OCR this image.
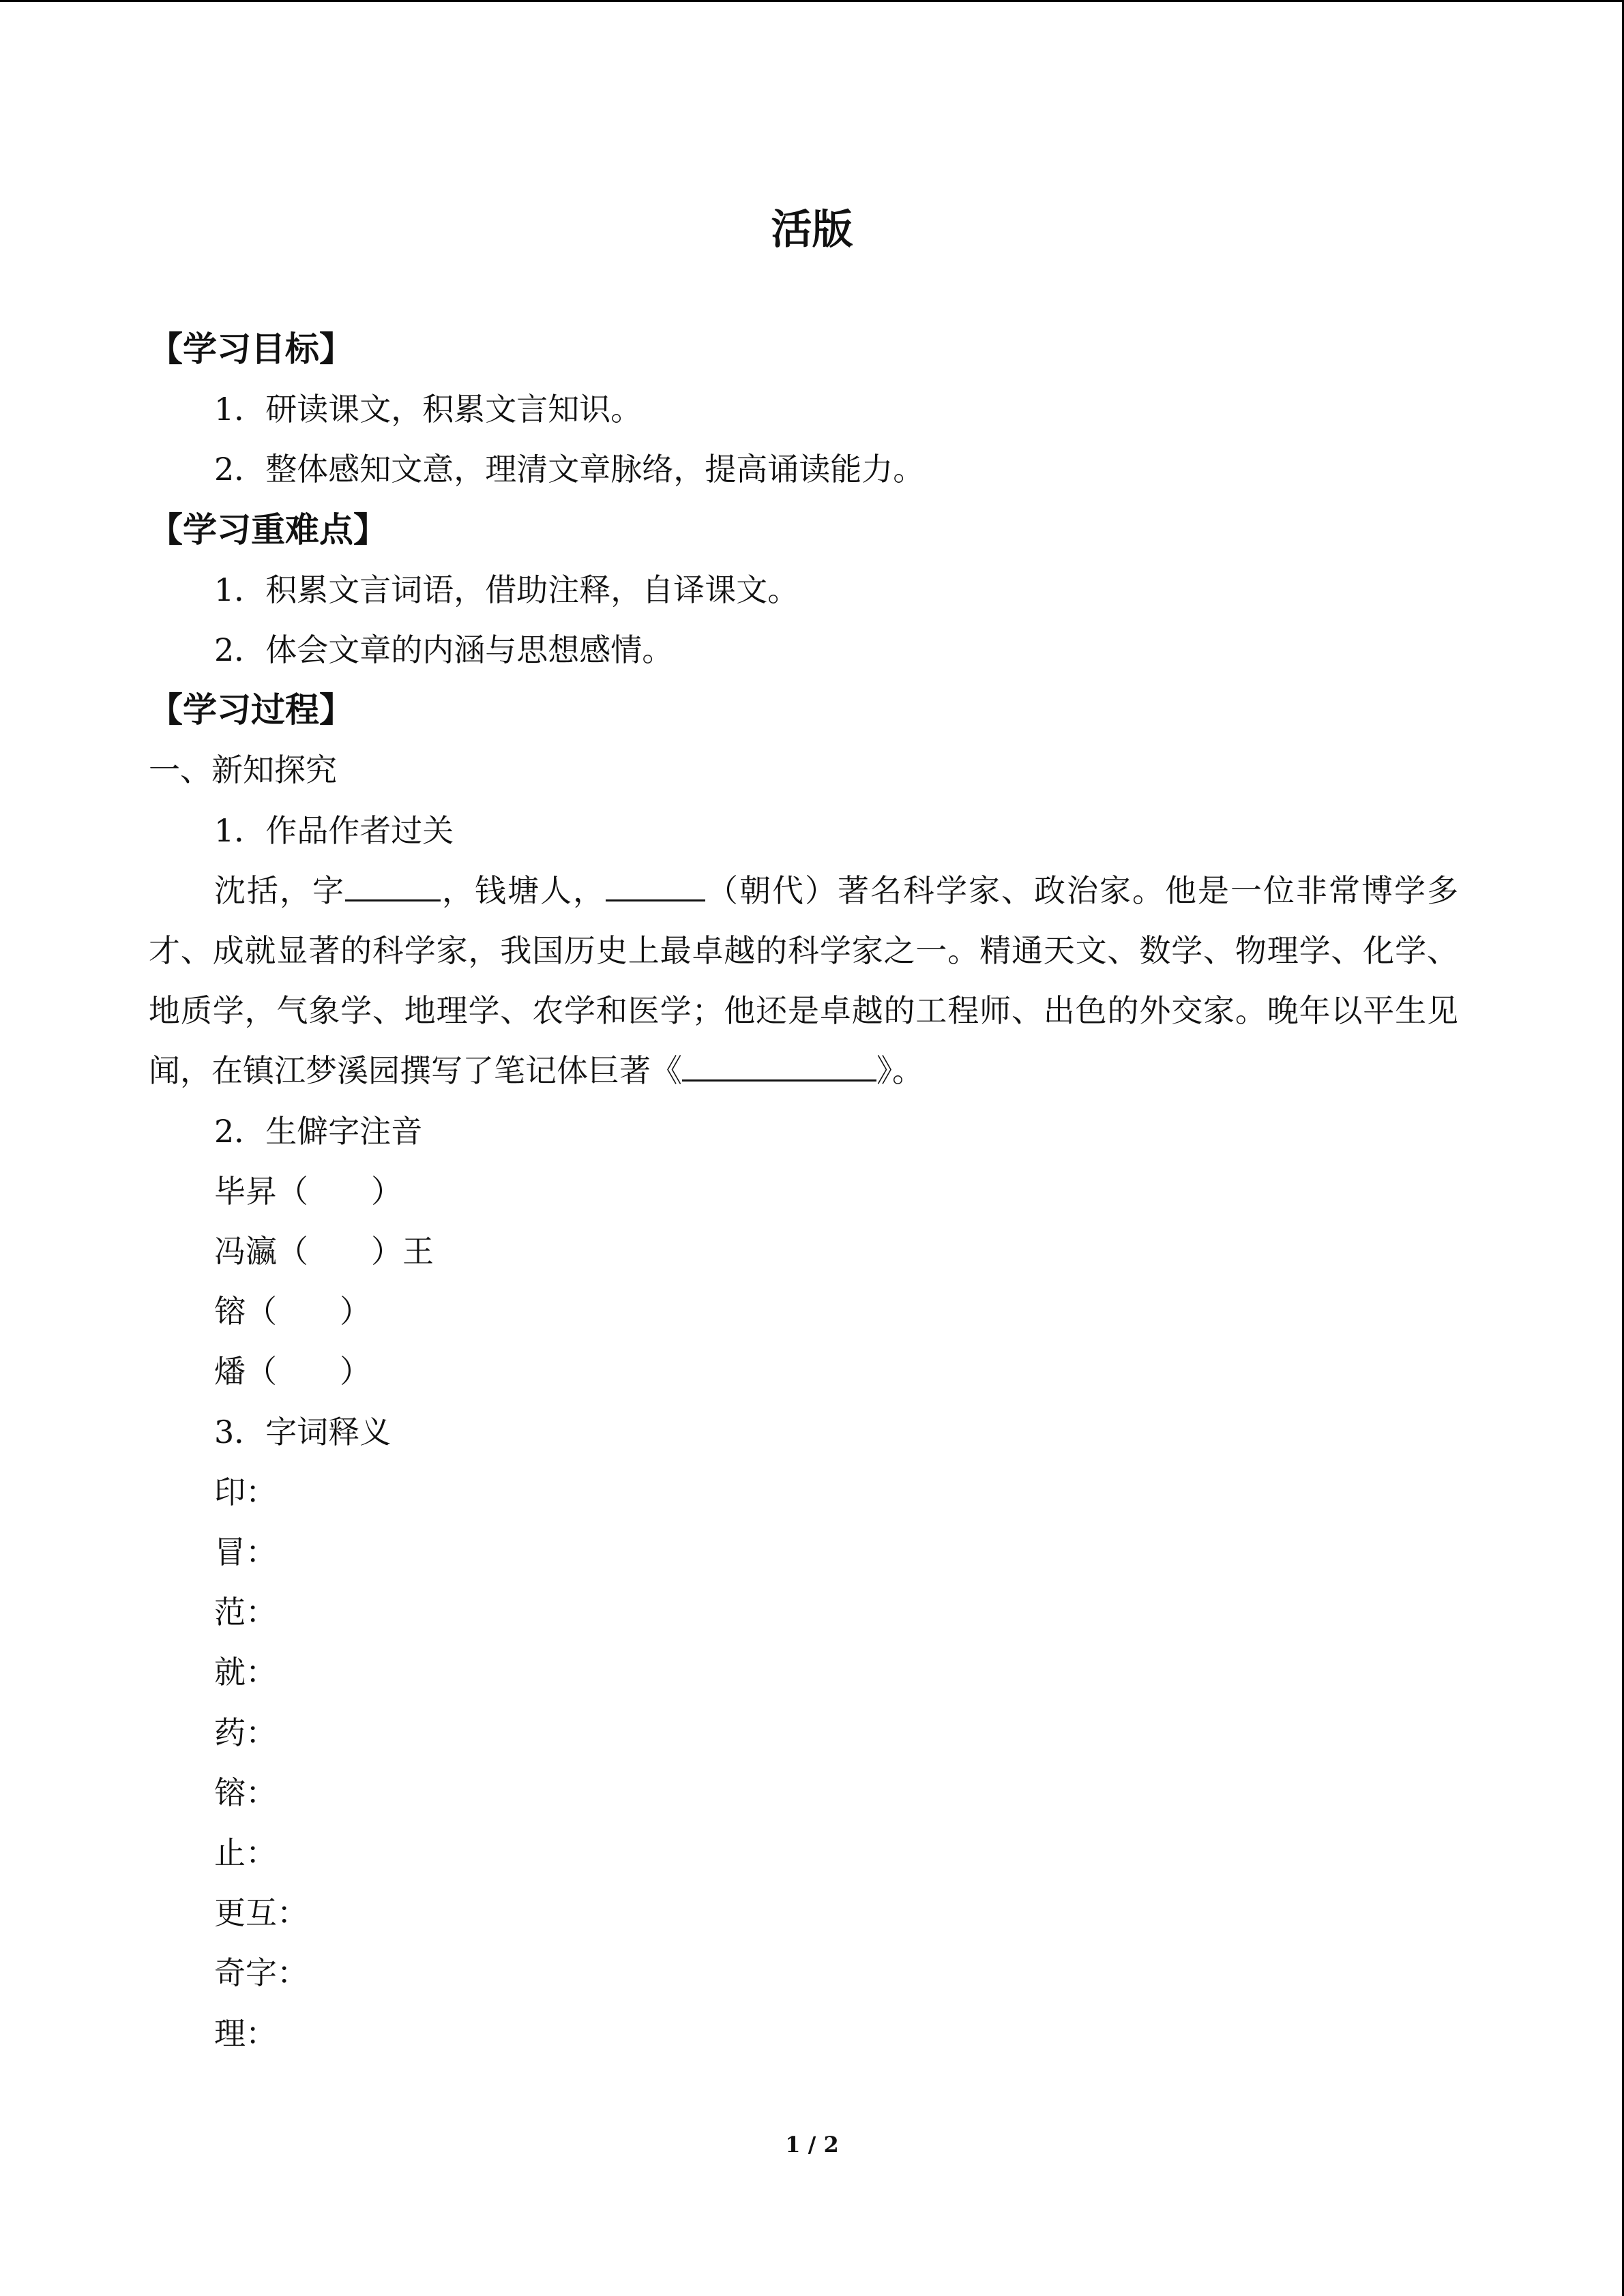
活版
【学习目标】
1．研读课文，积累文言知识。
2．整体感知文意，理清文章脉络，提高诵读能力。
【学习重难点】
1．积累文言词语，借助注释，自译课文。
2．体会文章的内涵与思想感情。
【学习过程】
一、新知探究
1．作品作者过关
沈括，字	，钱塘人，	（朝代）著名科学家、政治家。他是一位非常博学多才、成就显著的科学家，我国历史上最卓越的科学家之一。精通天文、数学、物理学、化学、地质学，气象学、地理学、农学和医学；他还是卓越的工程师、出色的外交家。晚年以平生见闻，在镇江梦溪园撰写了笔记体巨著《	》。
2．生僻字注音
毕昇（ ）
冯瀛（ ）王
镕（ ）
燔（ ）
3．字词释义
印：
冒：
范：
就：
药：
镕：
止：
更互：
奇字：
理：
1 / 2
